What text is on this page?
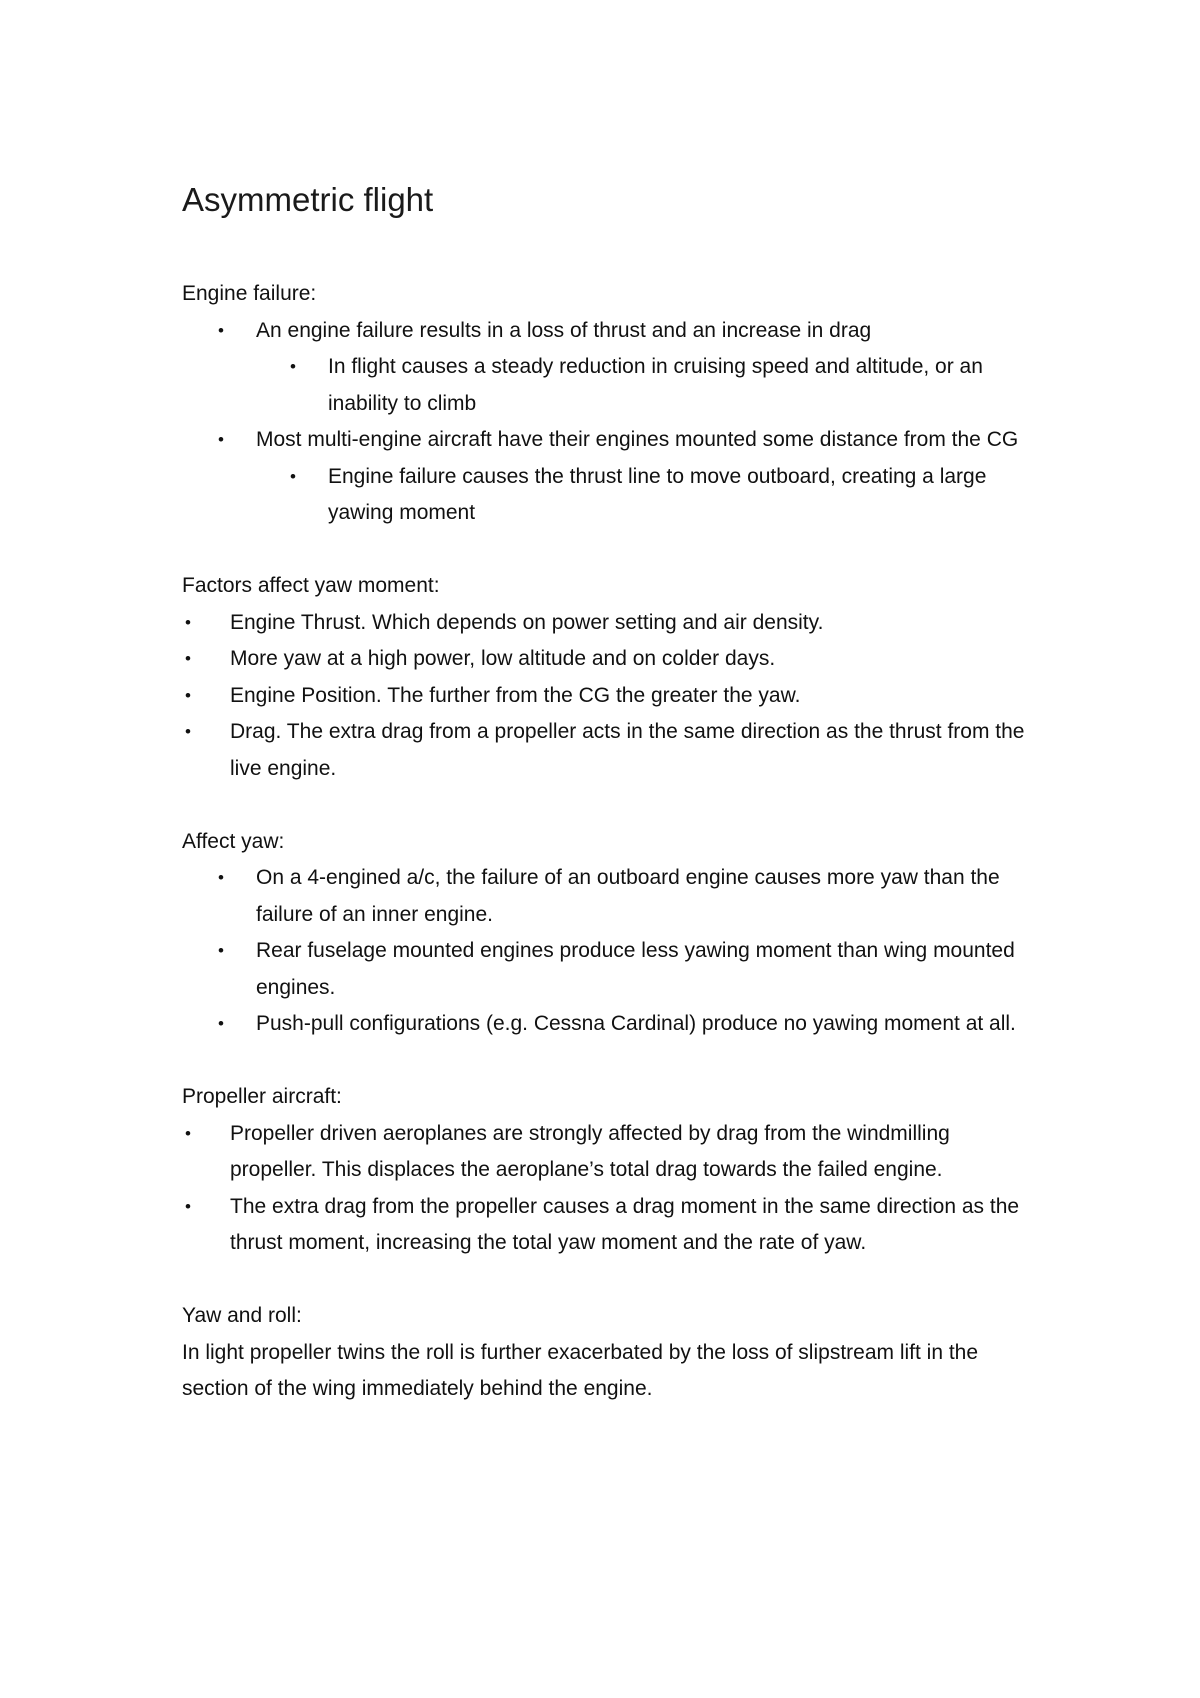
Asymmetric flight

Engine failure:

• An engine failure results in a loss of thrust and an increase in drag
• In flight causes a steady reduction in cruising speed and altitude, or an inability to climb
• Most multi-engine aircraft have their engines mounted some distance from the CG
• Engine failure causes the thrust line to move outboard, creating a large yawing moment

Factors affect yaw moment:

• Engine Thrust. Which depends on power setting and air density.
• More yaw at a high power, low altitude and on colder days.
• Engine Position. The further from the CG the greater the yaw.
• Drag. The extra drag from a propeller acts in the same direction as the thrust from the live engine.

Affect yaw:

• On a 4-engined a/c, the failure of an outboard engine causes more yaw than the failure of an inner engine.
• Rear fuselage mounted engines produce less yawing moment than wing mounted engines.
• Push-pull configurations (e.g. Cessna Cardinal) produce no yawing moment at all.

Propeller aircraft:

• Propeller driven aeroplanes are strongly affected by drag from the windmilling propeller. This displaces the aeroplane’s total drag towards the failed engine.
• The extra drag from the propeller causes a drag moment in the same direction as the thrust moment, increasing the total yaw moment and the rate of yaw.

Yaw and roll:

In light propeller twins the roll is further exacerbated by the loss of slipstream lift in the section of the wing immediately behind the engine.
